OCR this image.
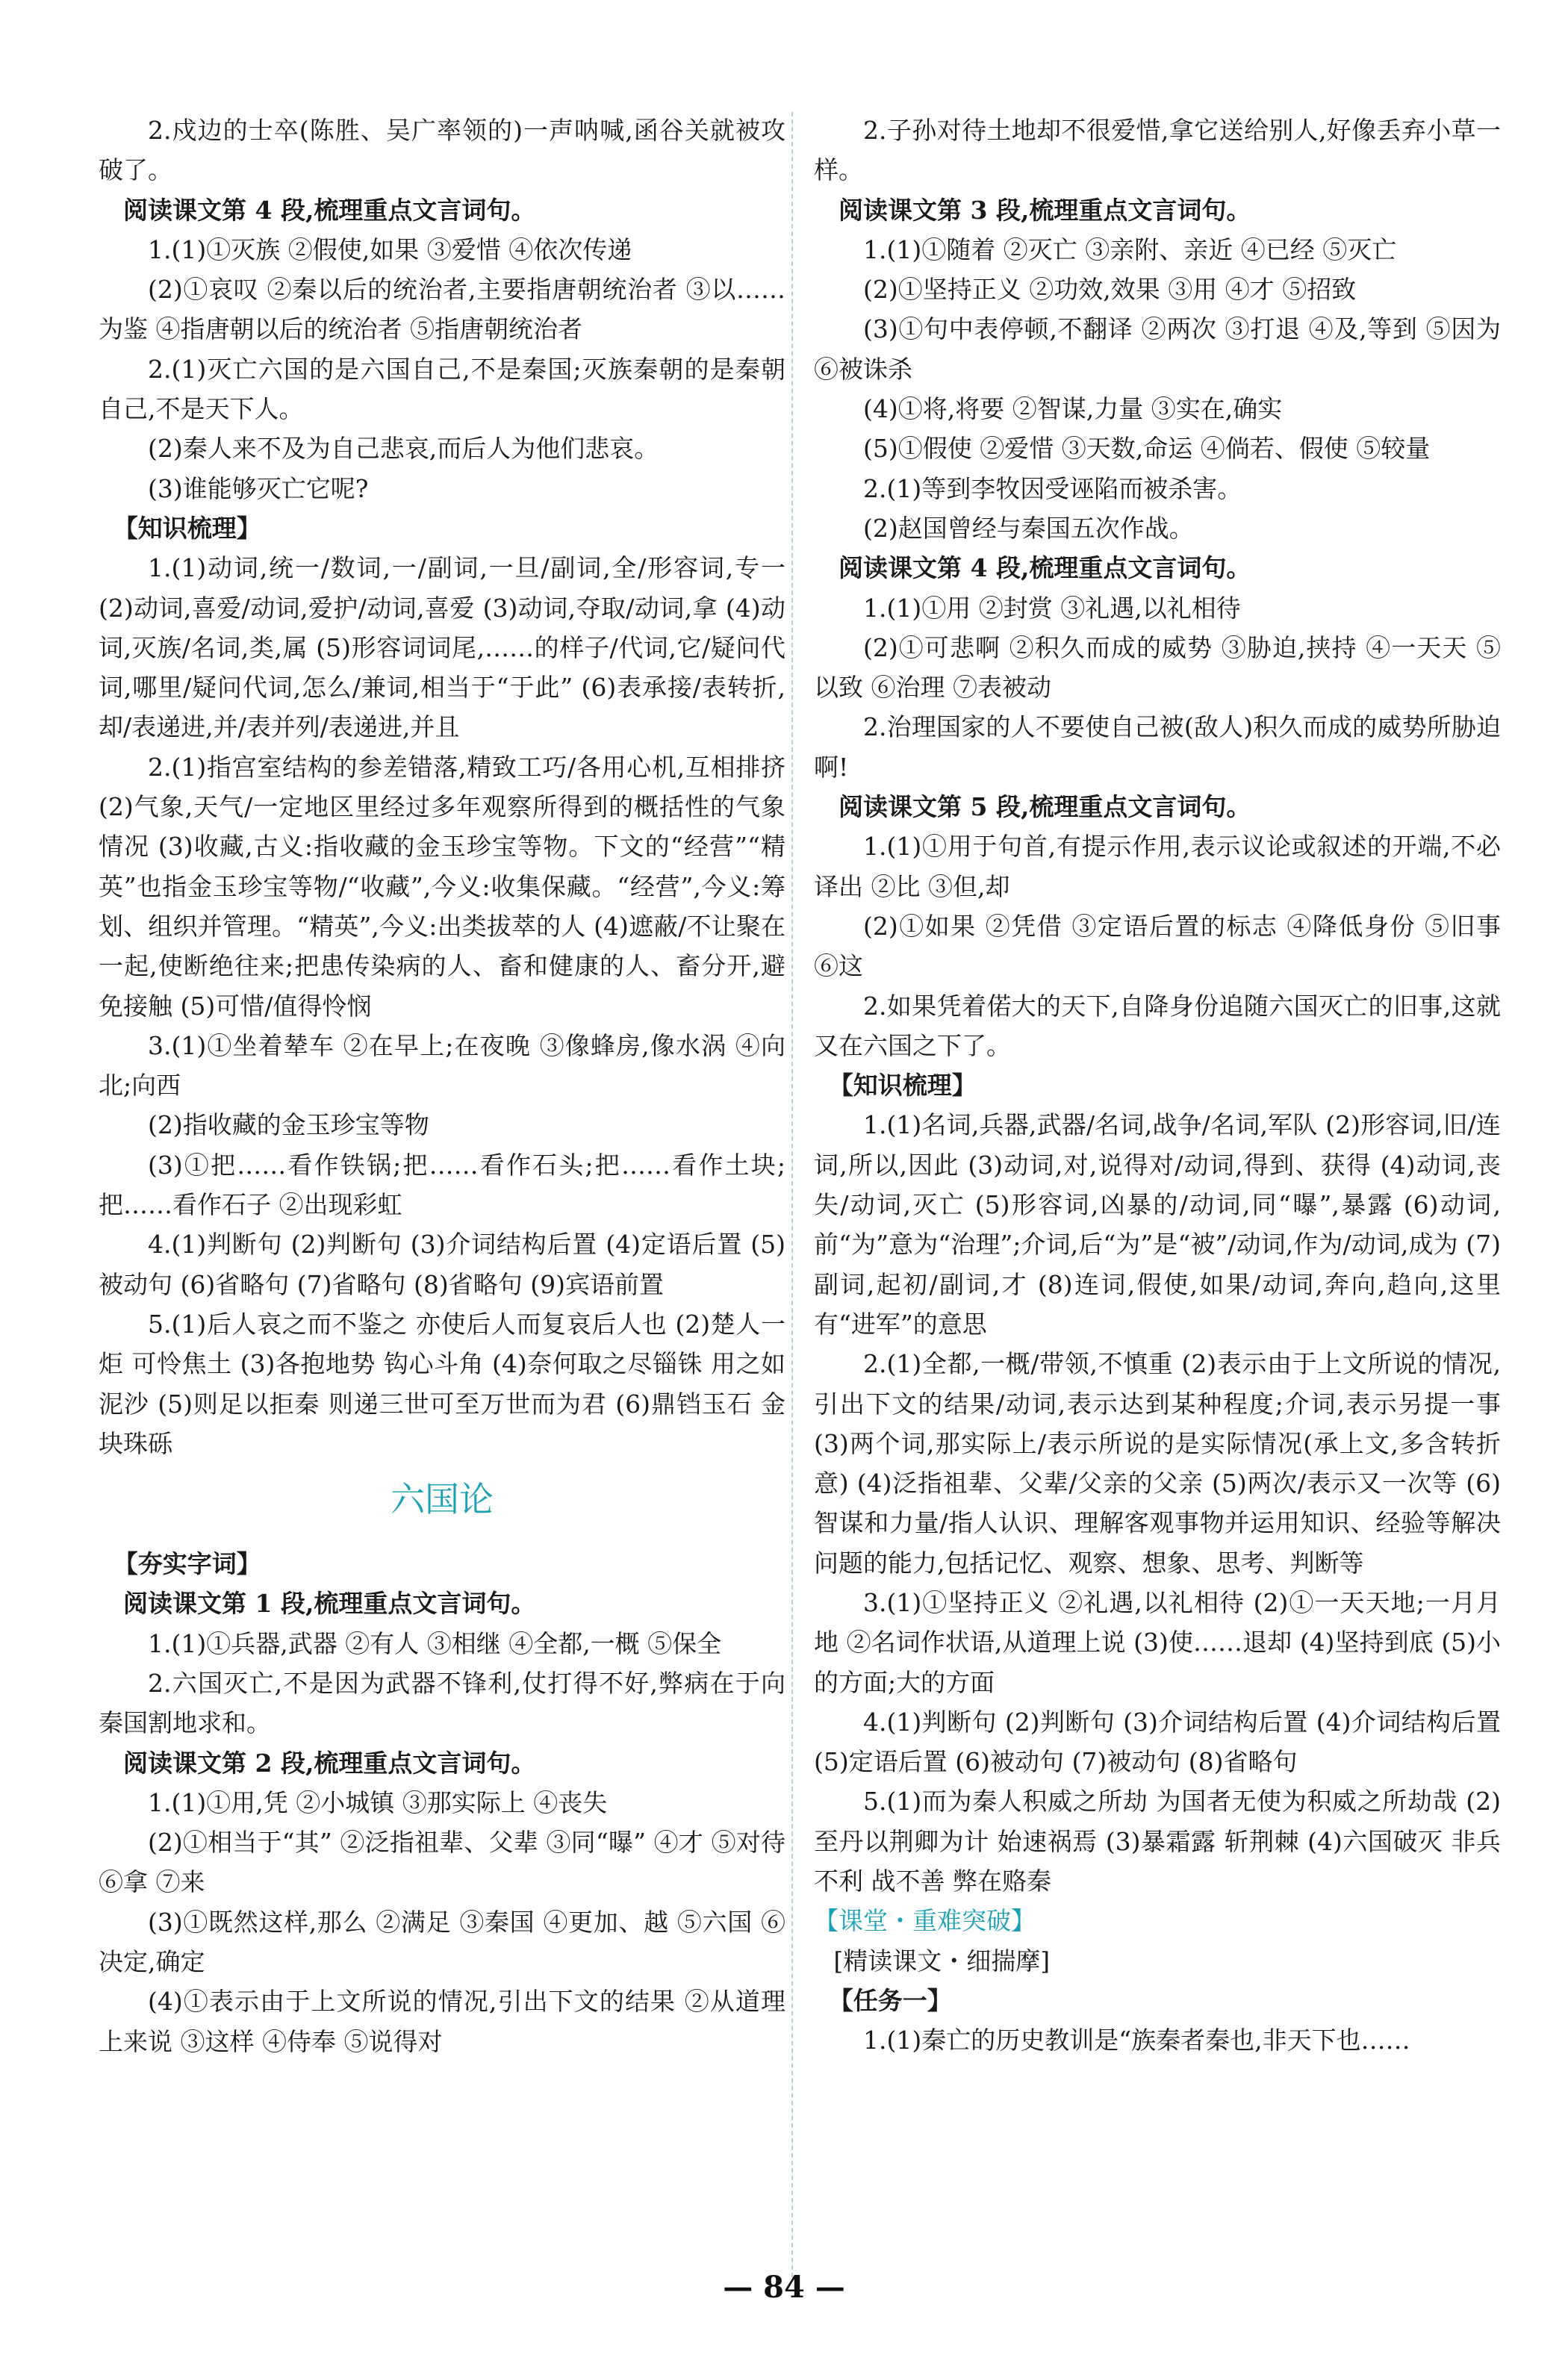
2.戍边的士卒(陈胜、吴广率领的)一声呐喊,函谷关就被攻破了。

阅读课文第 4 段,梳理重点文言词句。

1.(1)①灭族 ②假使,如果 ③爱惜 ④依次传递

(2)①哀叹 ②秦以后的统治者,主要指唐朝统治者 ③以……为鉴 ④指唐朝以后的统治者 ⑤指唐朝统治者

2.(1)灭亡六国的是六国自己,不是秦国;灭族秦朝的是秦朝自己,不是天下人。

(2)秦人来不及为自己悲哀,而后人为他们悲哀。

(3)谁能够灭亡它呢?

【知识梳理】

1.(1)动词,统一/数词,一/副词,一旦/副词,全/形容词,专一 (2)动词,喜爱/动词,爱护/动词,喜爱 (3)动词,夺取/动词,拿 (4)动词,灭族/名词,类,属 (5)形容词词尾,……的样子/代词,它/疑问代词,哪里/疑问代词,怎么/兼词,相当于“于此” (6)表承接/表转折,却/表递进,并/表并列/表递进,并且

2.(1)指宫室结构的参差错落,精致工巧/各用心机,互相排挤 (2)气象,天气/一定地区里经过多年观察所得到的概括性的气象情况 (3)收藏,古义:指收藏的金玉珍宝等物。下文的“经营”“精英”也指金玉珍宝等物/“收藏”,今义:收集保藏。“经营”,今义:筹划、组织并管理。“精英”,今义:出类拔萃的人 (4)遮蔽/不让聚在一起,使断绝往来;把患传染病的人、畜和健康的人、畜分开,避免接触 (5)可惜/值得怜悯

3.(1)①坐着辇车 ②在早上;在夜晚 ③像蜂房,像水涡 ④向北;向西

(2)指收藏的金玉珍宝等物

(3)①把……看作铁锅;把……看作石头;把……看作土块;把……看作石子 ②出现彩虹

4.(1)判断句 (2)判断句 (3)介词结构后置 (4)定语后置 (5)被动句 (6)省略句 (7)省略句 (8)省略句 (9)宾语前置

5.(1)后人哀之而不鉴之 亦使后人而复哀后人也 (2)楚人一炬 可怜焦土 (3)各抱地势 钩心斗角 (4)奈何取之尽锱铢 用之如泥沙 (5)则足以拒秦 则递三世可至万世而为君 (6)鼎铛玉石 金块珠砾

六国论

【夯实字词】

阅读课文第 1 段,梳理重点文言词句。

1.(1)①兵器,武器 ②有人 ③相继 ④全都,一概 ⑤保全

2.六国灭亡,不是因为武器不锋利,仗打得不好,弊病在于向秦国割地求和。

阅读课文第 2 段,梳理重点文言词句。

1.(1)①用,凭 ②小城镇 ③那实际上 ④丧失

(2)①相当于“其” ②泛指祖辈、父辈 ③同“曝” ④才 ⑤对待 ⑥拿 ⑦来

(3)①既然这样,那么 ②满足 ③秦国 ④更加、越 ⑤六国 ⑥决定,确定

(4)①表示由于上文所说的情况,引出下文的结果 ②从道理上来说 ③这样 ④侍奉 ⑤说得对

2.子孙对待土地却不很爱惜,拿它送给别人,好像丢弃小草一样。

阅读课文第 3 段,梳理重点文言词句。

1.(1)①随着 ②灭亡 ③亲附、亲近 ④已经 ⑤灭亡

(2)①坚持正义 ②功效,效果 ③用 ④才 ⑤招致

(3)①句中表停顿,不翻译 ②两次 ③打退 ④及,等到 ⑤因为 ⑥被诛杀

(4)①将,将要 ②智谋,力量 ③实在,确实

(5)①假使 ②爱惜 ③天数,命运 ④倘若、假使 ⑤较量

2.(1)等到李牧因受诬陷而被杀害。

(2)赵国曾经与秦国五次作战。

阅读课文第 4 段,梳理重点文言词句。

1.(1)①用 ②封赏 ③礼遇,以礼相待

(2)①可悲啊 ②积久而成的威势 ③胁迫,挟持 ④一天天 ⑤以致 ⑥治理 ⑦表被动

2.治理国家的人不要使自己被(敌人)积久而成的威势所胁迫啊!

阅读课文第 5 段,梳理重点文言词句。

1.(1)①用于句首,有提示作用,表示议论或叙述的开端,不必译出 ②比 ③但,却

(2)①如果 ②凭借 ③定语后置的标志 ④降低身份 ⑤旧事 ⑥这

2.如果凭着偌大的天下,自降身份追随六国灭亡的旧事,这就又在六国之下了。

【知识梳理】

1.(1)名词,兵器,武器/名词,战争/名词,军队 (2)形容词,旧/连词,所以,因此 (3)动词,对,说得对/动词,得到、获得 (4)动词,丧失/动词,灭亡 (5)形容词,凶暴的/动词,同“曝”,暴露 (6)动词,前“为”意为“治理”;介词,后“为”是“被”/动词,作为/动词,成为 (7)副词,起初/副词,才 (8)连词,假使,如果/动词,奔向,趋向,这里有“进军”的意思

2.(1)全都,一概/带领,不慎重 (2)表示由于上文所说的情况,引出下文的结果/动词,表示达到某种程度;介词,表示另提一事 (3)两个词,那实际上/表示所说的是实际情况(承上文,多含转折意) (4)泛指祖辈、父辈/父亲的父亲 (5)两次/表示又一次等 (6)智谋和力量/指人认识、理解客观事物并运用知识、经验等解决问题的能力,包括记忆、观察、想象、思考、判断等

3.(1)①坚持正义 ②礼遇,以礼相待 (2)①一天天地;一月月地 ②名词作状语,从道理上说 (3)使……退却 (4)坚持到底 (5)小的方面;大的方面

4.(1)判断句 (2)判断句 (3)介词结构后置 (4)介词结构后置 (5)定语后置 (6)被动句 (7)被动句 (8)省略句

5.(1)而为秦人积威之所劫 为国者无使为积威之所劫哉 (2)至丹以荆卿为计 始速祸焉 (3)暴霜露 斩荆棘 (4)六国破灭 非兵不利 战不善 弊在赂秦

【课堂・重难突破】

[精读课文・细揣摩]

【任务一】

1.(1)秦亡的历史教训是“族秦者秦也,非天下也……

— 84 —
